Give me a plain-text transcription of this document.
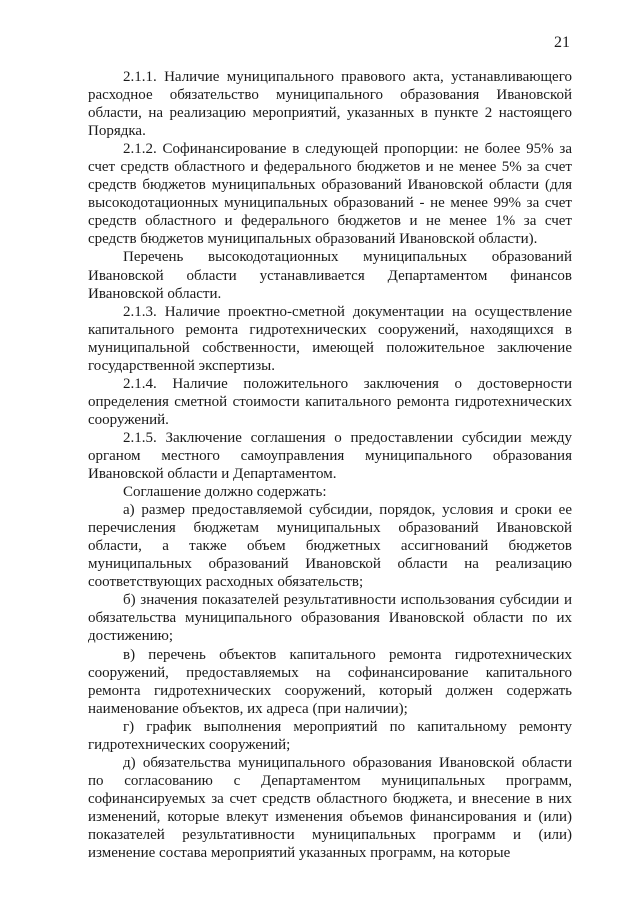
21

2.1.1. Наличие муниципального правового акта, устанавливающего расходное обязательство муниципального образования Ивановской области, на реализацию мероприятий, указанных в пункте 2 настоящего Порядка.

2.1.2. Софинансирование в следующей пропорции: не более 95% за счет средств областного и федерального бюджетов и не менее 5% за счет средств бюджетов муниципальных образований Ивановской области (для высокодотационных муниципальных образований - не менее 99% за счет средств областного и федерального бюджетов и не менее 1% за счет средств бюджетов муниципальных образований Ивановской области).

Перечень высокодотационных муниципальных образований Ивановской области устанавливается Департаментом финансов Ивановской области.

2.1.3. Наличие проектно-сметной документации на осуществление капитального ремонта гидротехнических сооружений, находящихся в муниципальной собственности, имеющей положительное заключение государственной экспертизы.

2.1.4. Наличие положительного заключения о достоверности определения сметной стоимости капитального ремонта гидротехнических сооружений.

2.1.5. Заключение соглашения о предоставлении субсидии между органом местного самоуправления муниципального образования Ивановской области и Департаментом.

Соглашение должно содержать:

а) размер предоставляемой субсидии, порядок, условия и сроки ее перечисления бюджетам муниципальных образований Ивановской области, а также объем бюджетных ассигнований бюджетов муниципальных образований Ивановской области на реализацию соответствующих расходных обязательств;

б) значения показателей результативности использования субсидии и обязательства муниципального образования Ивановской области по их достижению;

в) перечень объектов капитального ремонта гидротехнических сооружений, предоставляемых на софинансирование капитального ремонта гидротехнических сооружений, который должен содержать наименование объектов, их адреса (при наличии);

г) график выполнения мероприятий по капитальному ремонту гидротехнических сооружений;

д) обязательства муниципального образования Ивановской области по согласованию с Департаментом муниципальных программ, софинансируемых за счет средств областного бюджета, и внесение в них изменений, которые влекут изменения объемов финансирования и (или) показателей результативности муниципальных программ и (или) изменение состава мероприятий указанных программ, на которые
